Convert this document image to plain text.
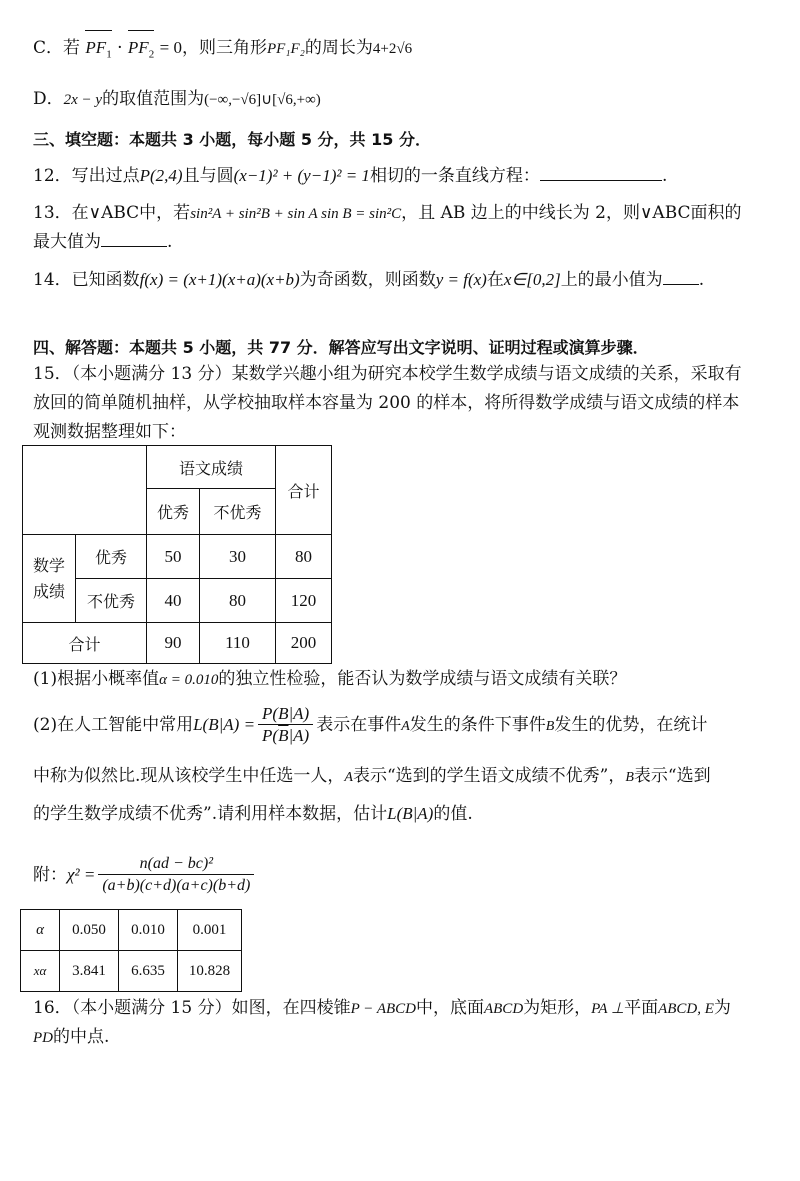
C．若 $PF_1 \cdot PF_2 = 0$，则三角形PF₁F₂的周长为4+2√6
D．2x − y的取值范围为(−∞,−√6]∪[√6,+∞)
三、填空题：本题共 3 小题，每小题 5 分，共 15 分．
12．写出过点P(2,4)且与圆(x−1)² + (y−1)² = 1相切的一条直线方程：	.
13．在∨ABC中，若sin²A + sin²B + sin A sin B = sin²C，且 AB 边上的中线长为 2，则∨ABC面积的
最大值为	.
14．已知函数f(x) = (x+1)(x+a)(x+b)为奇函数，则函数y = f(x)在x∈[0,2]上的最小值为 .
四、解答题：本题共 5 小题，共 77 分．解答应写出文字说明、证明过程或演算步骤．
15．（本小题满分 13 分）某数学兴趣小组为研究本校学生数学成绩与语文成绩的关系，采取有
放回的简单随机抽样，从学校抽取样本容量为 200 的样本，将所得数学成绩与语文成绩的样本
观测数据整理如下：
		语文成绩		合计
		优秀	不优秀	
数学
成绩	优秀	50	30	80
	不优秀	40	80	120
合计		90	110	200
(1)根据小概率值α = 0.010的独立性检验，能否认为数学成绩与语文成绩有关联？
(2)在人工智能中常用$L(B|A) = \frac{P(B|A)}{P(\overline{B}|A)}$ 表示在事件A发生的条件下事件B发生的优势，在统计
中称为似然比.现从该校学生中任选一人，A表示“选到的学生语文成绩不优秀”，B表示“选到
的学生数学成绩不优秀”.请利用样本数据，估计L(B|A)的值.
附：$\chi^2 = \frac{\text{n(ad − bc)²}}{(a+b)(c+d)(a+c)(b+d)}$
α	0.050	0.010	0.001
xα	3.841	6.635	10.828
16．（本小题满分 15 分）如图，在四棱锥P − ABCD中，底面ABCD为矩形，PA ⊥平面ABCD, E为
PD的中点.
